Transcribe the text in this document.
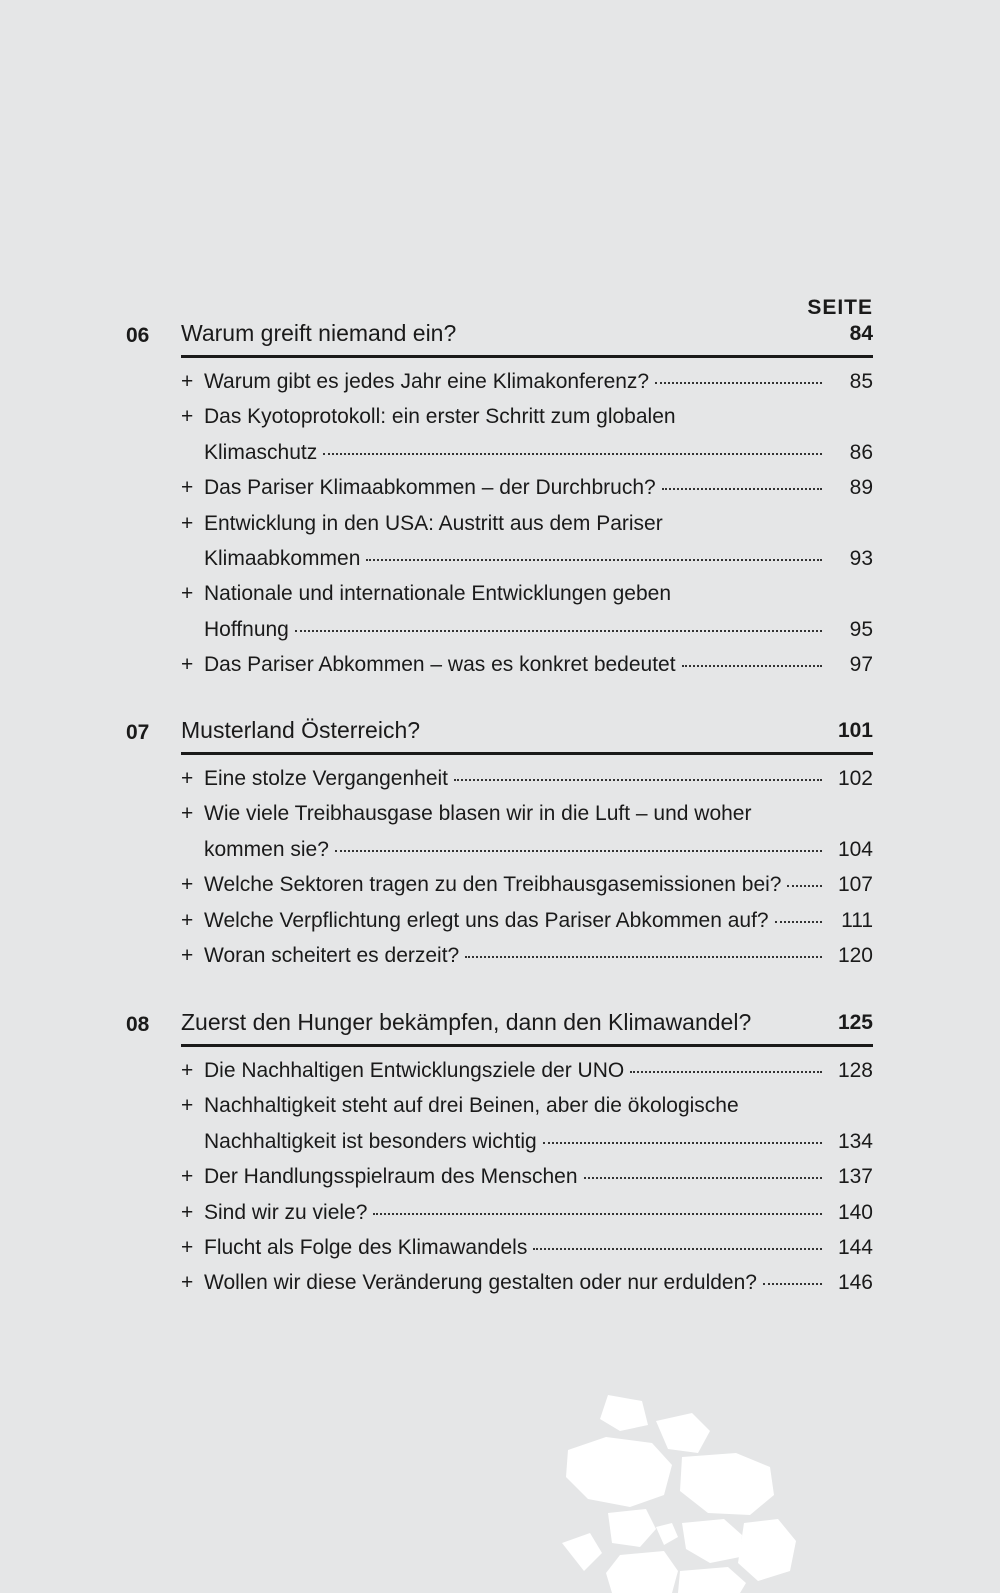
SEITE
06 Warum greift niemand ein?	84
+ Warum gibt es jedes Jahr eine Klimakonferenz?	85
+ Das Kyotoprotokoll: ein erster Schritt zum globalen
Klimaschutz	86
+ Das Pariser Klimaabkommen – der Durchbruch?	89
+ Entwicklung in den USA: Austritt aus dem Pariser
Klimaabkommen	93
+ Nationale und internationale Entwicklungen geben
Hoffnung	95
+ Das Pariser Abkommen – was es konkret bedeutet	97
07 Musterland Österreich?	101
+ Eine stolze Vergangenheit	102
+ Wie viele Treibhausgase blasen wir in die Luft – und woher
kommen sie?	104
+ Welche Sektoren tragen zu den Treibhausgasemissionen bei?	107
+ Welche Verpflichtung erlegt uns das Pariser Abkommen auf?	111
+ Woran scheitert es derzeit?	120
08 Zuerst den Hunger bekämpfen, dann den Klimawandel?	125
+ Die Nachhaltigen Entwicklungsziele der UNO	128
+ Nachhaltigkeit steht auf drei Beinen, aber die ökologische
Nachhaltigkeit ist besonders wichtig	134
+ Der Handlungsspielraum des Menschen	137
+ Sind wir zu viele?	140
+ Flucht als Folge des Klimawandels	144
+ Wollen wir diese Veränderung gestalten oder nur erdulden?	146
